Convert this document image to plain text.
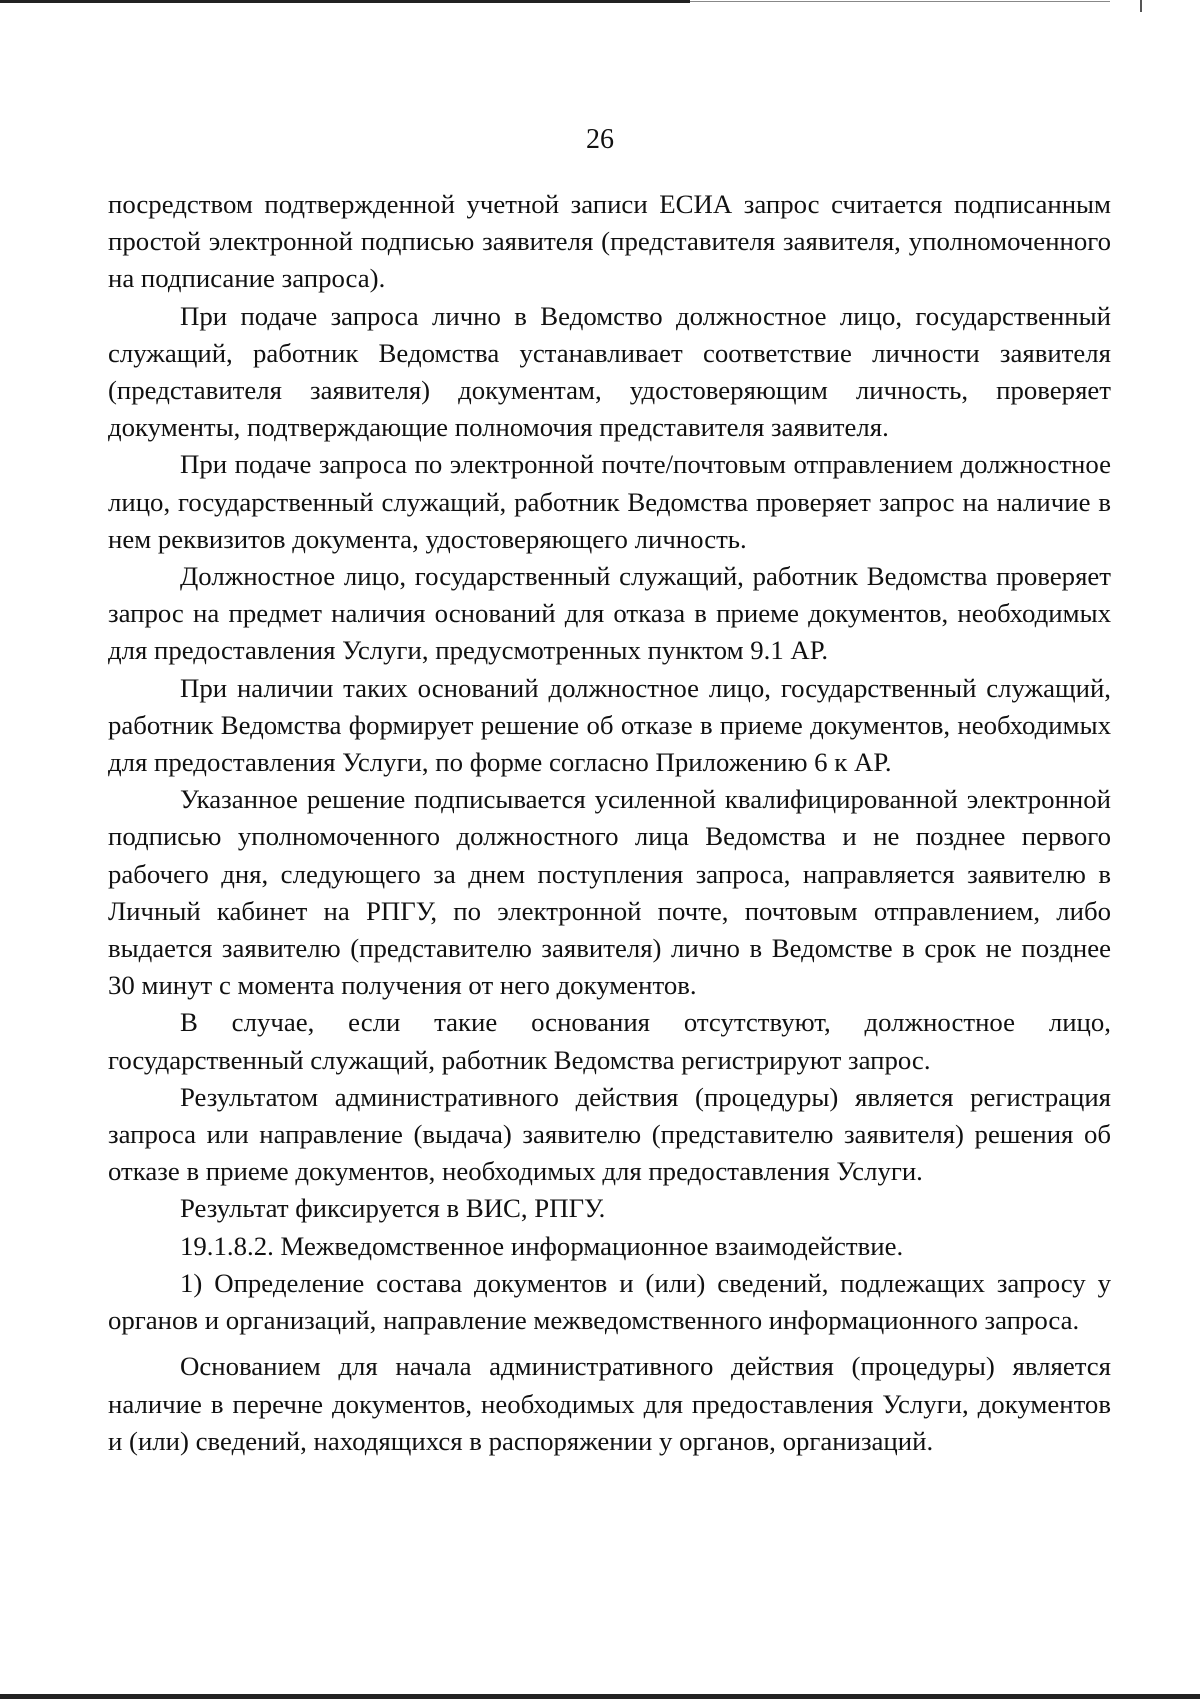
26

посредством подтвержденной учетной записи ЕСИА запрос считается подписанным простой электронной подписью заявителя (представителя заявителя, уполномоченного на подписание запроса).

При подаче запроса лично в Ведомство должностное лицо, государственный служащий, работник Ведомства устанавливает соответствие личности заявителя (представителя заявителя) документам, удостоверяющим личность, проверяет документы, подтверждающие полномочия представителя заявителя.

При подаче запроса по электронной почте/почтовым отправлением должностное лицо, государственный служащий, работник Ведомства проверяет запрос на наличие в нем реквизитов документа, удостоверяющего личность.

Должностное лицо, государственный служащий, работник Ведомства проверяет запрос на предмет наличия оснований для отказа в приеме документов, необходимых для предоставления Услуги, предусмотренных пунктом 9.1 АР.

При наличии таких оснований должностное лицо, государственный служащий, работник Ведомства формирует решение об отказе в приеме документов, необходимых для предоставления Услуги, по форме согласно Приложению 6 к АР.

Указанное решение подписывается усиленной квалифицированной электронной подписью уполномоченного должностного лица Ведомства и не позднее первого рабочего дня, следующего за днем поступления запроса, направляется заявителю в Личный кабинет на РПГУ, по электронной почте, почтовым отправлением, либо выдается заявителю (представителю заявителя) лично в Ведомстве в срок не позднее 30 минут с момента получения от него документов.

В случае, если такие основания отсутствуют, должностное лицо, государственный служащий, работник Ведомства регистрируют запрос.

Результатом административного действия (процедуры) является регистрация запроса или направление (выдача) заявителю (представителю заявителя) решения об отказе в приеме документов, необходимых для предоставления Услуги.

Результат фиксируется в ВИС, РПГУ.

19.1.8.2. Межведомственное информационное взаимодействие.

1) Определение состава документов и (или) сведений, подлежащих запросу у органов и организаций, направление межведомственного информационного запроса.

Основанием для начала административного действия (процедуры) является наличие в перечне документов, необходимых для предоставления Услуги, документов и (или) сведений, находящихся в распоряжении у органов, организаций.
